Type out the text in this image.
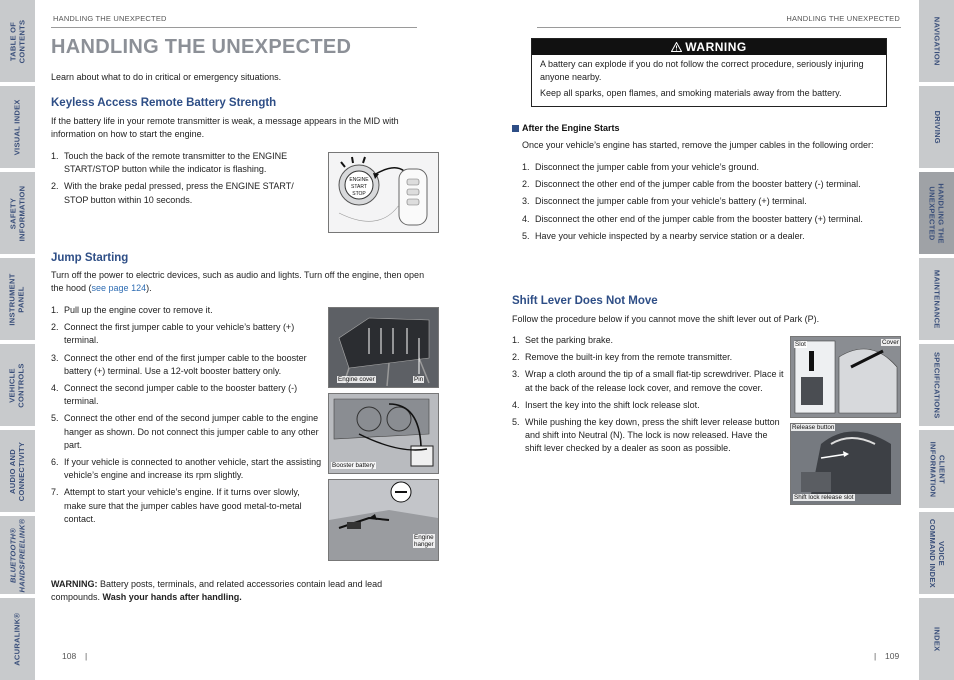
TABLE OF
CONTENTS
VISUAL INDEX
SAFETY
INFORMATION
INSTRUMENT
PANEL
VEHICLE
CONTROLS
AUDIO AND
CONNECTIVITY
BLUETOOTH®
HANDSFREELINK®
ACURALINK®
NAVIGATION
DRIVING
HANDLING THE
UNEXPECTED
MAINTENANCE
SPECIFICATIONS
CLIENT
INFORMATION
VOICE
COMMAND INDEX
INDEX
HANDLING THE UNEXPECTED	HANDLING THE UNEXPECTED
HANDLING THE UNEXPECTED
Learn about what to do in critical or emergency situations.
Keyless Access Remote Battery Strength
If the battery life in your remote transmitter is weak, a message appears in the MID with information on how to start the engine.
1. Touch the back of the remote transmitter to the ENGINE START/STOP button while the indicator is flashing.
2. With the brake pedal pressed, press the ENGINE START/ STOP button within 10 seconds.
ENGINE
START
STOP
Jump Starting
Turn off the power to electric devices, such as audio and lights. Turn off the engine, then open the hood (see page 124).
1. Pull up the engine cover to remove it.
2. Connect the first jumper cable to your vehicle’s battery (+) terminal.
3. Connect the other end of the first jumper cable to the booster battery (+) terminal. Use a 12-volt booster battery only.
4. Connect the second jumper cable to the booster battery (-) terminal.
5. Connect the other end of the second jumper cable to the engine hanger as shown. Do not connect this jumper cable to any other part.
6. If your vehicle is connected to another vehicle, start the assisting vehicle’s engine and increase its rpm slightly.
7. Attempt to start your vehicle’s engine. If it turns over slowly, make sure that the jumper cables have good metal-to-metal contact.
Engine cover	Pin
Booster battery
Engine
hanger
WARNING: Battery posts, terminals, and related accessories contain lead and lead compounds. Wash your hands after handling.
108 |
WARNING
A battery can explode if you do not follow the correct procedure, seriously injuring anyone nearby.
Keep all sparks, open flames, and smoking materials away from the battery.
After the Engine Starts
Once your vehicle’s engine has started, remove the jumper cables in the following order:
1. Disconnect the jumper cable from your vehicle’s ground.
2. Disconnect the other end of the jumper cable from the booster battery (-) terminal.
3. Disconnect the jumper cable from your vehicle’s battery (+) terminal.
4. Disconnect the other end of the jumper cable from the booster battery (+) terminal.
5. Have your vehicle inspected by a nearby service station or a dealer.
Shift Lever Does Not Move
Follow the procedure below if you cannot move the shift lever out of Park (P).
1. Set the parking brake.
2. Remove the built-in key from the remote transmitter.
3. Wrap a cloth around the tip of a small flat-tip screwdriver. Place it at the back of the release lock cover, and remove the cover.
4. Insert the key into the shift lock release slot.
5. While pushing the key down, press the shift lever release button and shift into Neutral (N). The lock is now released. Have the shift lever checked by a dealer as soon as possible.
Slot	Cover
Release button
Shift lock release slot
| 109
